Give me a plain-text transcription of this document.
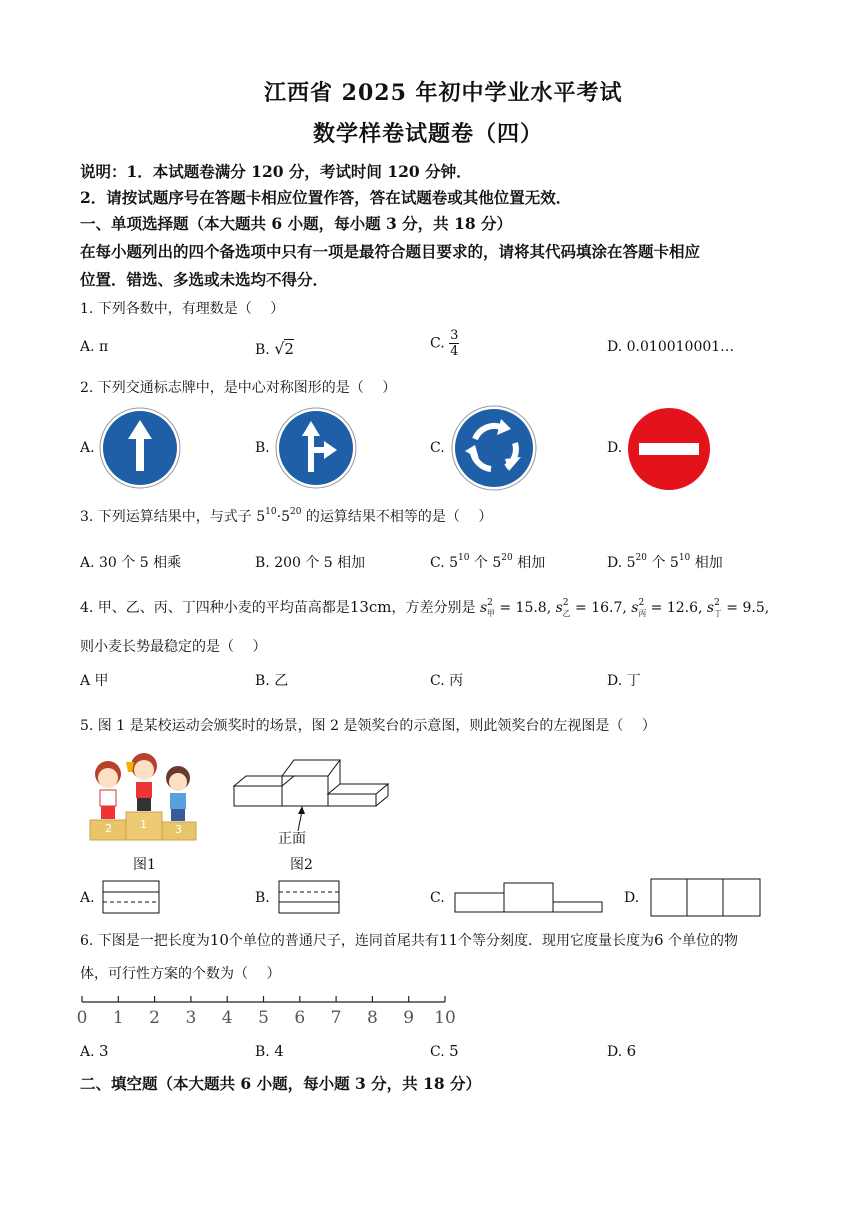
江西省 2025 年初中学业水平考试
数学样卷试题卷（四）
说明：1．本试题卷满分 120 分，考试时间 120 分钟．
2．请按试题序号在答题卡相应位置作答，答在试题卷或其他位置无效．
一、单项选择题（本大题共 6 小题，每小题 3 分，共 18 分）
在每小题列出的四个备选项中只有一项是最符合题目要求的，请将其代码填涂在答题卡相应
位置．错选、多选或未选均不得分．
1. 下列各数中，有理数是（　 ）
A. π	B. √2	C. $\frac{3}{4}$	D. 0.010010001…
2. 下列交通标志牌中，是中心对称图形的是（　 ）
A.	B.	C.	D.
3. 下列运算结果中，与式子 $5^{10}\cdot 5^{20}$ 的运算结果不相等的是（　 ）
A. 30 个 5 相乘	B. 200 个 5 相加	C. $5^{10}$ 个 $5^{20}$ 相加	D. $5^{20}$ 个 $5^{10}$ 相加
4. 甲、乙、丙、丁四种小麦的平均苗高都是13cm，方差分别是 $s^2_甲 = 15.8$, $s^2_乙 = 16.7$, $s^2_丙 = 12.6$, $s^2_丁 = 9.5$,
则小麦长势最稳定的是（　 ）
A 甲	B. 乙	C. 丙	D. 丁
5. 图 1 是某校运动会颁奖时的场景，图 2 是领奖台的示意图，则此领奖台的左视图是（　 ）
2	1	3
图1
正面
图2
A.	B.	C.	D.
6. 下图是一把长度为10个单位的普通尺子，连同首尾共有11个等分刻度．现用它度量长度为6 个单位的物
体，可行性方案的个数为（　 ）
0 1 2 3 4 5 6 7 8 9 10
A. 3	B. 4	C. 5	D. 6
二、填空题（本大题共 6 小题，每小题 3 分，共 18 分）
